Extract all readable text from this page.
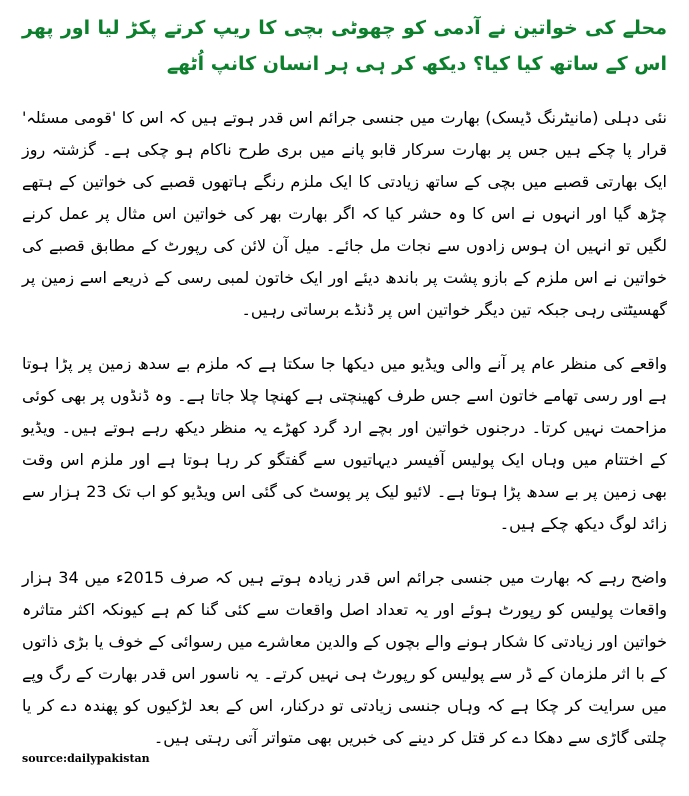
محلے کی خواتین نے آدمی کو چھوٹی بچی کا ریپ کرتے پکڑ لیا اور پھر اس کے ساتھ کیا کیا؟ دیکھ کر ہی ہر انسان کانپ اُٹھے

نئی دہلی (مانیٹرنگ ڈیسک) بھارت میں جنسی جرائم اس قدر ہوتے ہیں کہ اس کا 'قومی مسئلہ' قرار پا چکے ہیں جس پر بھارت سرکار قابو پانے میں بری طرح ناکام ہو چکی ہے۔ گزشتہ روز ایک بھارتی قصبے میں بچی کے ساتھ زیادتی کا ایک ملزم رنگے ہاتھوں قصبے کی خواتین کے ہتھے چڑھ گیا اور انہوں نے اس کا وہ حشر کیا کہ اگر بھارت بھر کی خواتین اس مثال پر عمل کرنے لگیں تو انہیں ان ہوس زادوں سے نجات مل جائے۔ میل آن لائن کی رپورٹ کے مطابق قصبے کی خواتین نے اس ملزم کے بازو پشت پر باندھ دیئے اور ایک خاتون لمبی رسی کے ذریعے اسے زمین پر گھسیٹتی رہی جبکہ تین دیگر خواتین اس پر ڈنڈے برساتی رہیں۔

واقعے کی منظر عام پر آنے والی ویڈیو میں دیکھا جا سکتا ہے کہ ملزم بے سدھ زمین پر پڑا ہوتا ہے اور رسی تھامے خاتون اسے جس طرف کھینچتی ہے کھنچا چلا جاتا ہے۔ وہ ڈنڈوں پر بھی کوئی مزاحمت نہیں کرتا۔ درجنوں خواتین اور بچے ارد گرد کھڑے یہ منظر دیکھ رہے ہوتے ہیں۔ ویڈیو کے اختتام میں وہاں ایک پولیس آفیسر دیہاتیوں سے گفتگو کر رہا ہوتا ہے اور ملزم اس وقت بھی زمین پر بے سدھ پڑا ہوتا ہے۔ لائیو لیک پر پوسٹ کی گئی اس ویڈیو کو اب تک 23 ہزار سے زائد لوگ دیکھ چکے ہیں۔

واضح رہے کہ بھارت میں جنسی جرائم اس قدر زیادہ ہوتے ہیں کہ صرف 2015ء میں 34 ہزار واقعات پولیس کو رپورٹ ہوئے اور یہ تعداد اصل واقعات سے کئی گنا کم ہے کیونکہ اکثر متاثرہ خواتین اور زیادتی کا شکار ہونے والے بچوں کے والدین معاشرے میں رسوائی کے خوف یا بڑی ذاتوں کے با اثر ملزمان کے ڈر سے پولیس کو رپورٹ ہی نہیں کرتے۔ یہ ناسور اس قدر بھارت کے رگ وپے میں سرایت کر چکا ہے کہ وہاں جنسی زیادتی تو درکنار، اس کے بعد لڑکیوں کو پھندہ دے کر یا چلتی گاڑی سے دھکا دے کر قتل کر دینے کی خبریں بھی متواتر آتی رہتی ہیں۔

source:dailypakistan
